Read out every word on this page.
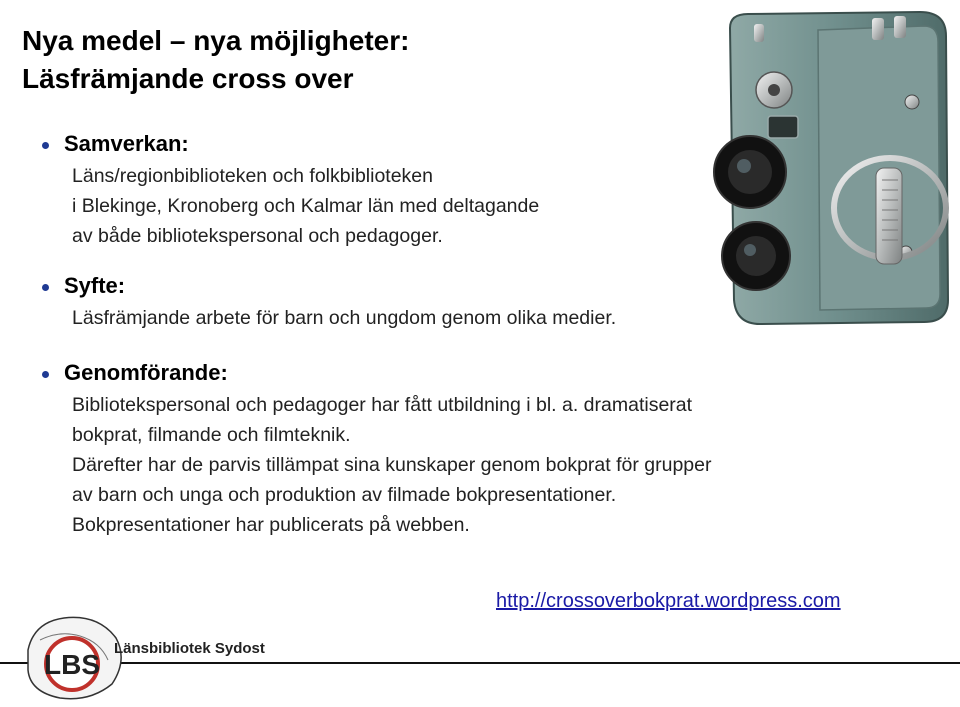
Nya medel – nya möjligheter:
Läsfrämjande cross over
Samverkan:
Läns/regionbiblioteken och folkbiblioteken
i Blekinge, Kronoberg och Kalmar län med deltagande
av både bibliotekspersonal och pedagoger.
Syfte:
Läsfrämjande arbete för barn och ungdom genom olika medier.
Genomförande:
Bibliotekspersonal och pedagoger har fått utbildning i bl. a. dramatiserat
bokprat, filmande och filmteknik.
Därefter har de parvis tillämpat sina kunskaper genom bokprat för grupper
av barn och unga och produktion av filmade bokpresentationer.
Bokpresentationer har publicerats på webben.
http://crossoverbokprat.wordpress.com
LBS
Länsbibliotek Sydost
